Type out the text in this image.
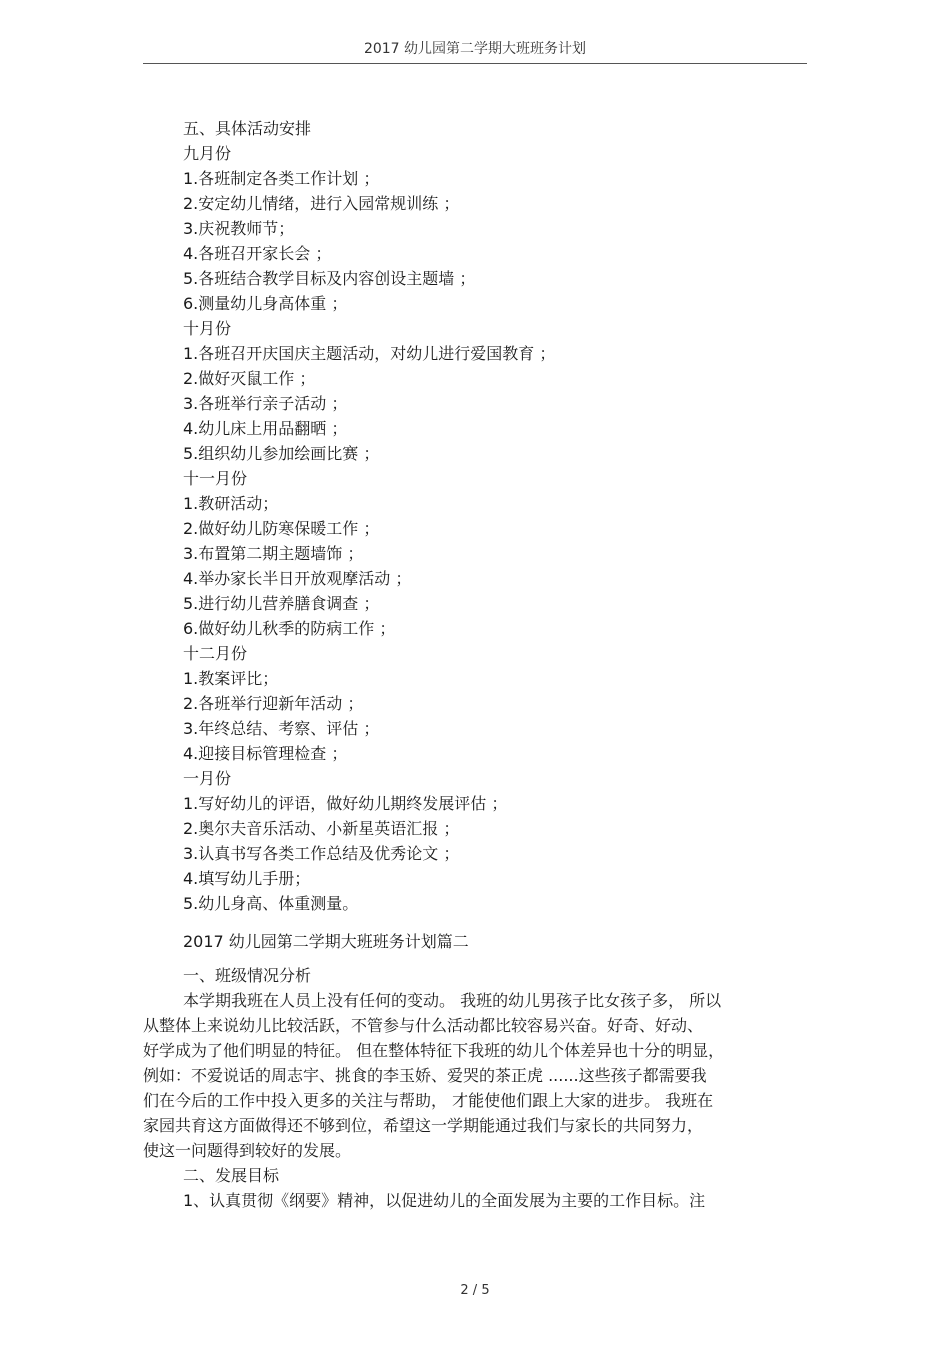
2017 幼儿园第二学期大班班务计划
五、具体活动安排
九月份
1.各班制定各类工作计划 ；
2.安定幼儿情绪，进行入园常规训练 ；
3.庆祝教师节；
4.各班召开家长会 ；
5.各班结合教学目标及内容创设主题墙 ；
6.测量幼儿身高体重 ；
十月份
1.各班召开庆国庆主题活动，对幼儿进行爱国教育 ；
2.做好灭鼠工作 ；
3.各班举行亲子活动 ；
4.幼儿床上用品翻晒 ；
5.组织幼儿参加绘画比赛 ；
十一月份
1.教研活动；
2.做好幼儿防寒保暖工作 ；
3.布置第二期主题墙饰 ；
4.举办家长半日开放观摩活动 ；
5.进行幼儿营养膳食调查 ；
6.做好幼儿秋季的防病工作 ；
十二月份
1.教案评比；
2.各班举行迎新年活动 ；
3.年终总结、考察、评估 ；
4.迎接目标管理检查 ；
一月份
1.写好幼儿的评语，做好幼儿期终发展评估 ；
2.奥尔夫音乐活动、小新星英语汇报 ；
3.认真书写各类工作总结及优秀论文 ；
4.填写幼儿手册；
5.幼儿身高、体重测量。
2017 幼儿园第二学期大班班务计划篇二
一、班级情况分析
本学期我班在人员上没有任何的变动。 我班的幼儿男孩子比女孩子多， 所以
从整体上来说幼儿比较活跃，不管参与什么活动都比较容易兴奋。好奇、好动、
好学成为了他们明显的特征。 但在整体特征下我班的幼儿个体差异也十分的明显，
例如：不爱说话的周志宇、挑食的李玉娇、爱哭的茶正虎 ......这些孩子都需要我
们在今后的工作中投入更多的关注与帮助， 才能使他们跟上大家的进步。 我班在
家园共育这方面做得还不够到位，希望这一学期能通过我们与家长的共同努力，
使这一问题得到较好的发展。
二、发展目标
1、认真贯彻《纲要》精神，以促进幼儿的全面发展为主要的工作目标。注
2 / 5
